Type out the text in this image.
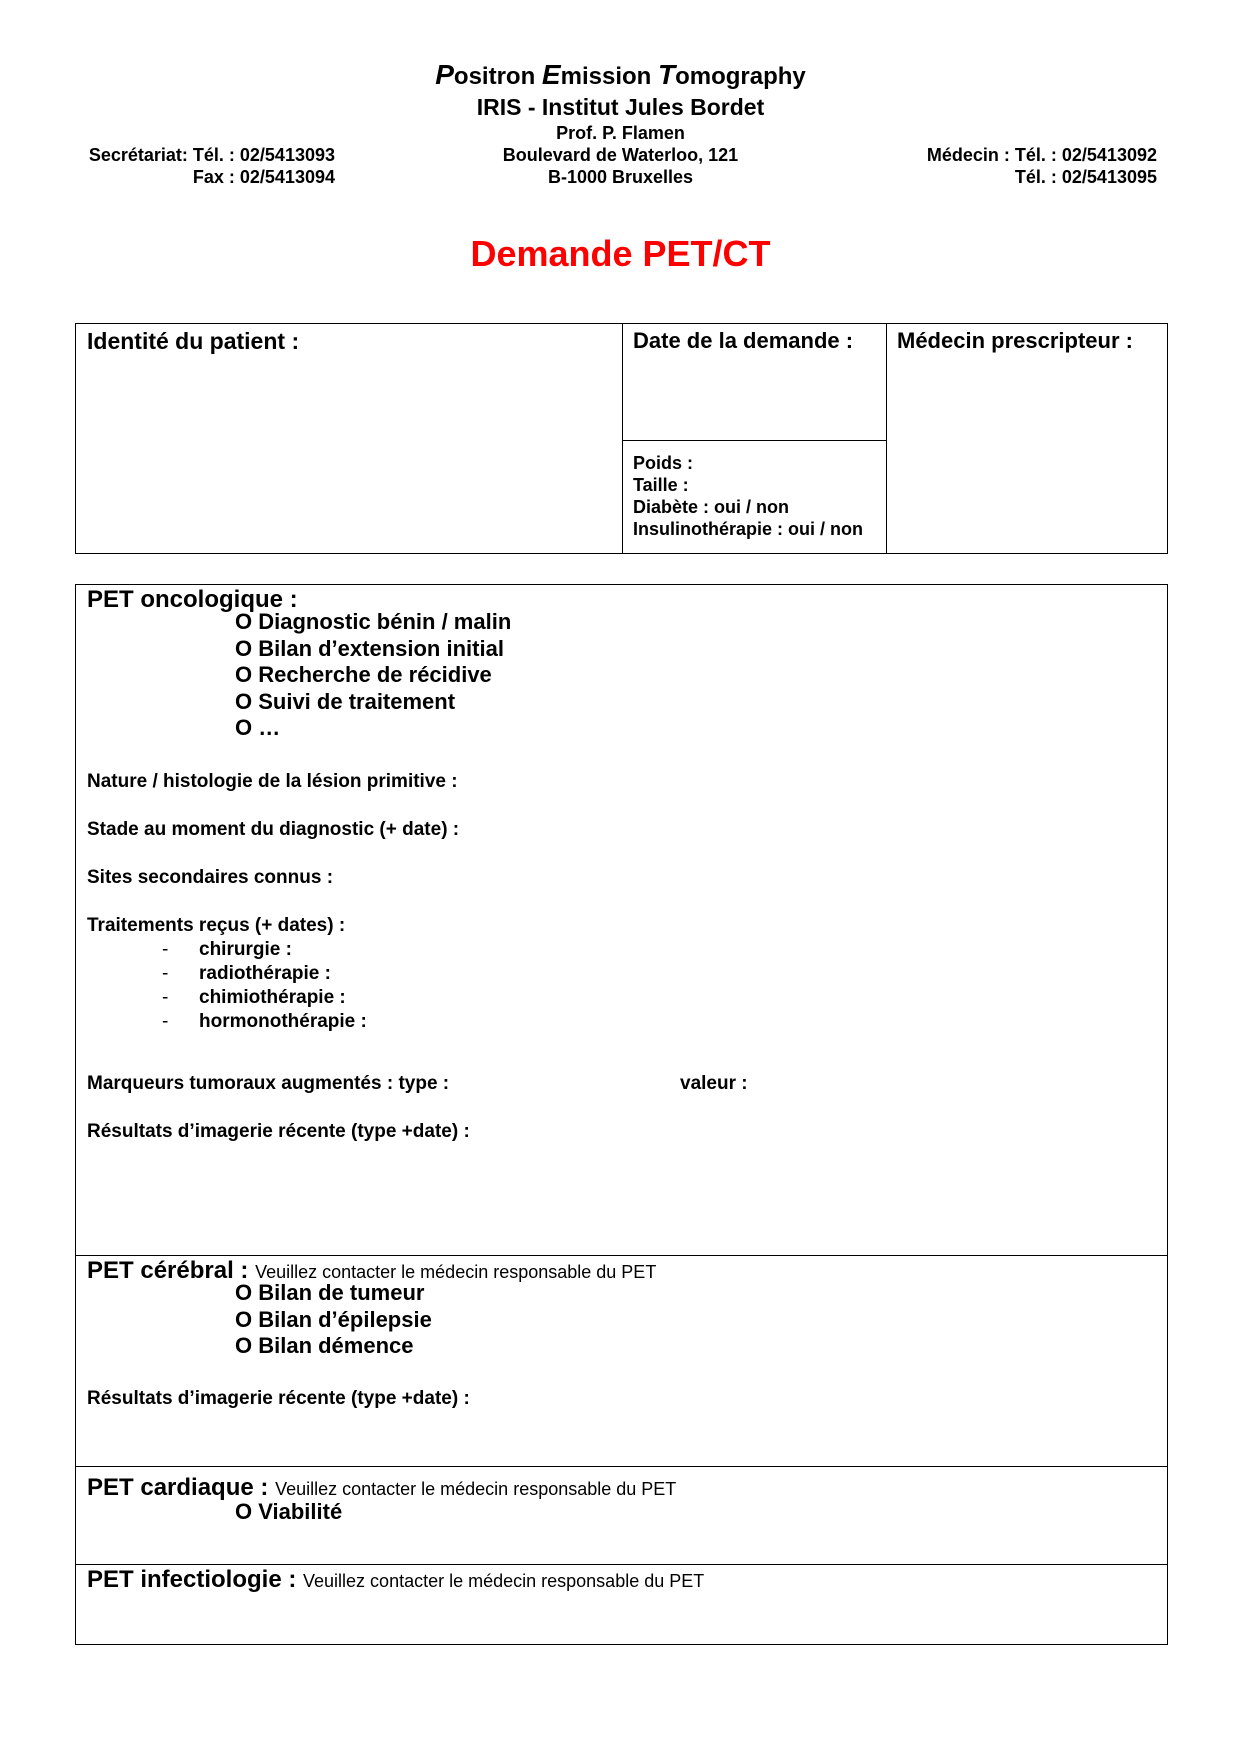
Positron Emission Tomography
IRIS - Institut Jules Bordet
Prof. P. Flamen
Boulevard de Waterloo, 121
B-1000 Bruxelles
Secrétariat: Tél. : 02/5413093
Fax : 02/5413094
Médecin : Tél. : 02/5413092
Tél. : 02/5413095
Demande PET/CT
Identité du patient :	Date de la demande :
Poids :
Taille :
Diabète : oui / non
Insulinothérapie : oui / non
Médecin prescripteur :
PET oncologique :
O Diagnostic bénin / malin
O Bilan d’extension initial
O Recherche de récidive
O Suivi de traitement
O …
Nature / histologie de la lésion primitive :
Stade au moment du diagnostic (+ date) :
Sites secondaires connus :
Traitements reçus (+ dates) :
- chirurgie :
- radiothérapie :
- chimiothérapie :
- hormonothérapie :
Marqueurs tumoraux augmentés : type :	valeur :
Résultats d’imagerie récente (type +date) :
PET cérébral : Veuillez contacter le médecin responsable du PET
O Bilan de tumeur
O Bilan d’épilepsie
O Bilan démence
Résultats d’imagerie récente (type +date) :
PET cardiaque : Veuillez contacter le médecin responsable du PET
O Viabilité
PET infectiologie : Veuillez contacter le médecin responsable du PET
